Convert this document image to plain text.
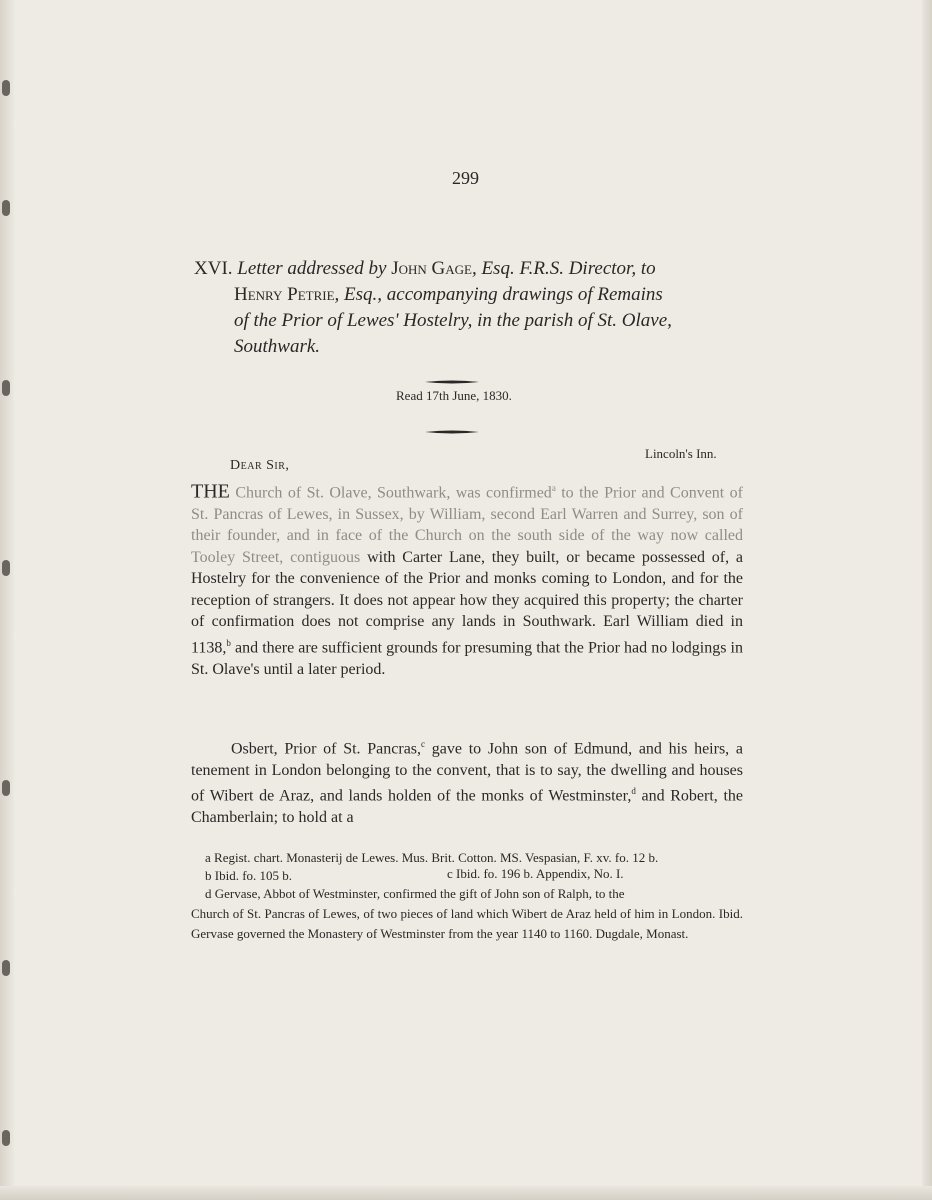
299
XVI. Letter addressed by John Gage, Esq. F.R.S. Director, to
Henry Petrie, Esq., accompanying drawings of Remains
of the Prior of Lewes' Hostelry, in the parish of St. Olave,
Southwark.
Read 17th June, 1830.
Lincoln's Inn.
Dear Sir,

THE Church of St. Olave, Southwark, was confirmed$^a$ to the Prior and Convent of St. Pancras of Lewes, in Sussex, by William, second Earl Warren and Surrey, son of their founder, and in face of the Church on the south side of the way now called Tooley Street, contiguous with Carter Lane, they built, or became possessed of, a Hostelry for the convenience of the Prior and monks coming to London, and for the reception of strangers. It does not appear how they acquired this property; the charter of confirmation does not comprise any lands in Southwark. Earl William died in 1138,$^b$ and there are sufficient grounds for presuming that the Prior had no lodgings in St. Olave's until a later period.

Osbert, Prior of St. Pancras,$^c$ gave to John son of Edmund, and his heirs, a tenement in London belonging to the convent, that is to say, the dwelling and houses of Wibert de Araz, and lands holden of the monks of Westminster,$^d$ and Robert, the Chamberlain; to hold at a

a Regist. chart. Monasterij de Lewes. Mus. Brit. Cotton. MS. Vespasian, F. xv. fo. 12 b.
b Ibid. fo. 105 b.	c Ibid. fo. 196 b. Appendix, No. I.
d Gervase, Abbot of Westminster, confirmed the gift of John son of Ralph, to the
Church of St. Pancras of Lewes, of two pieces of land which Wibert de Araz held of him in London. Ibid. Gervase governed the Monastery of Westminster from the year 1140 to 1160. Dugdale, Monast.
